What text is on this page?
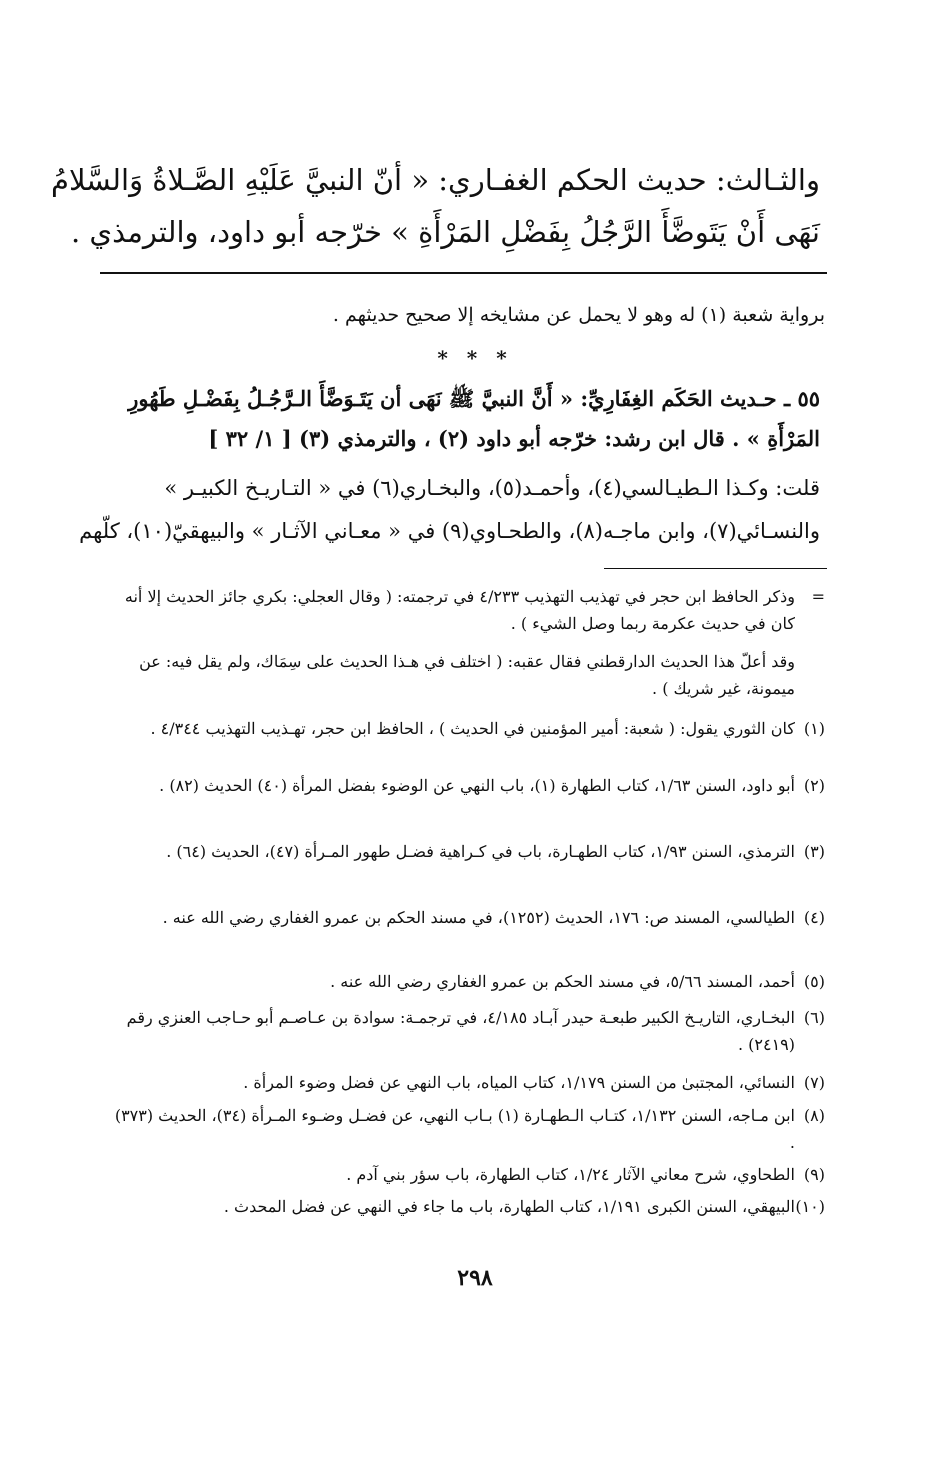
والثـالث: حديث الحكم الغفـاري: « أنّ النبيَّ عَلَيْهِ الصَّـلاةُ وَالسَّلامُ
نَهَى أَنْ يَتَوضَّأَ الرَّجُلُ بِفَضْلِ المَرْأَةِ » خرّجه أبو داود، والترمذي .
برواية شعبة (١) له وهو لا يحمل عن مشايخه إلا صحيح حديثهم .
* * *
٥٥ ـ حـديث الحَكَم الغِفَارِيِّ: « أَنَّ النبيَّ ﷺ نَهَى أن يَتَـوَضَّأَ الـرَّجُـلُ بِفَضْـلِ طَهُورِ
المَرْأَةِ » . قال ابن رشد: خرّجه أبو داود (٢) ، والترمذي (٣) [ ١/ ٣٢ ]
قلت: وكـذا الـطيـالسي(٤)، وأحمـد(٥)، والبخـاري(٦) في « التـاريـخ الكبيـر »
والنسـائي(٧)، وابن ماجـه(٨)، والطحـاوي(٩) في « معـاني الآثـار » والبيهقيّ(١٠)، كلّهم
=
وذكر الحافظ ابن حجر في تهذيب التهذيب ٤/٢٣٣ في ترجمته: ( وقال العجلي: بكري جائز الحديث إلا أنه كان في حديث عكرمة ربما وصل الشيء ) .
وقد أعلّ هذا الحديث الدارقطني فقال عقبه: ( اختلف في هـذا الحديث على سِمَاك، ولم يقل فيه: عن ميمونة، غير شريك ) .
(١)
كان الثوري يقول: ( شعبة: أمير المؤمنين في الحديث ) ، الحافظ ابن حجر، تهـذيب التهذيب ٤/٣٤٤ .
(٢)
أبو داود، السنن ١/٦٣، كتاب الطهارة (١)، باب النهي عن الوضوء بفضل المرأة (٤٠) الحديث (٨٢) .
(٣)
الترمذي، السنن ١/٩٣، كتاب الطهـارة، باب في كـراهية فضـل طهور المـرأة (٤٧)، الحديث (٦٤) .
(٤)
الطيالسي، المسند ص: ١٧٦، الحديث (١٢٥٢)، في مسند الحكم بن عمرو الغفاري رضي الله عنه .
(٥)
أحمد، المسند ٥/٦٦، في مسند الحكم بن عمرو الغفاري رضي الله عنه .
(٦)
البخـاري، التاريـخ الكبير طبعـة حيدر آبـاد ٤/١٨٥، في ترجمـة: سوادة بن عـاصـم أبو حـاجب العنزي رقم (٢٤١٩) .
(٧)
النسائي، المجتبىٰ من السنن ١/١٧٩، كتاب المياه، باب النهي عن فضل وضوء المرأة .
(٨)
ابن مـاجه، السنن ١/١٣٢، كتـاب الـطهـارة (١) بـاب النهي، عن فضـل وضـوء المـرأة (٣٤)، الحديث (٣٧٣) .
(٩)
الطحاوي، شرح معاني الآثار ١/٢٤، كتاب الطهارة، باب سؤر بني آدم .
(١٠)
البيهقي، السنن الكبرى ١/١٩١، كتاب الطهارة، باب ما جاء في النهي عن فضل المحدث .
٢٩٨
